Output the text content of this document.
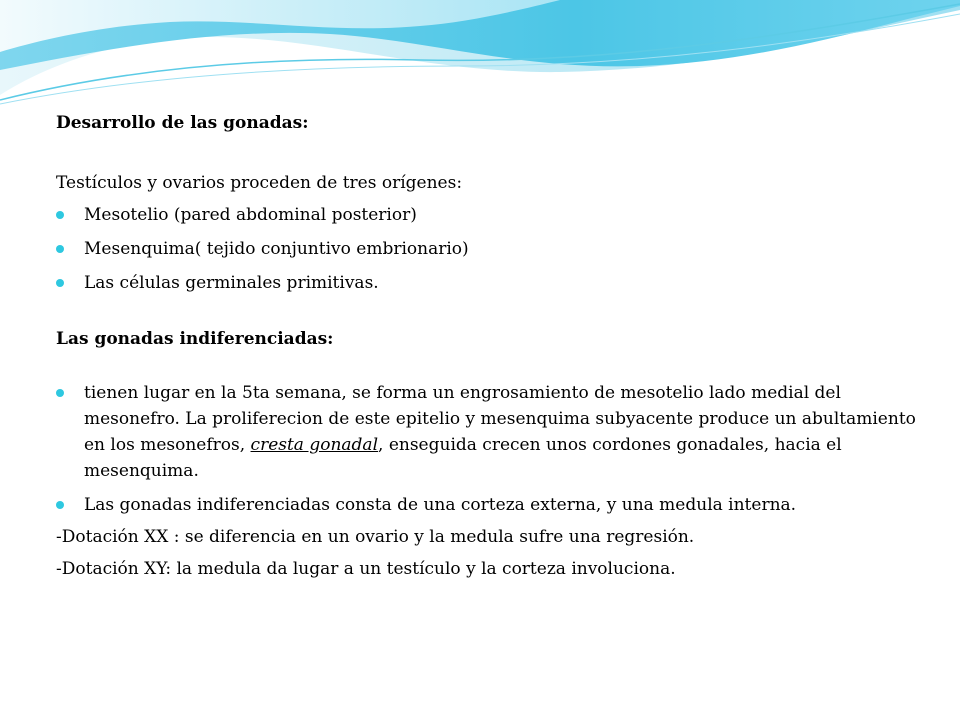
Desarrollo de las gonadas:

Testículos y ovarios proceden de tres orígenes:

Mesotelio (pared abdominal posterior)
Mesenquima( tejido conjuntivo embrionario)
Las células germinales primitivas.

Las gonadas indiferenciadas:

tienen lugar en la 5ta semana, se forma un engrosamiento de mesotelio lado medial del mesonefro. La proliferecion de este epitelio y mesenquima subyacente produce un abultamiento en los mesonefros, cresta gonadal, enseguida crecen unos cordones gonadales, hacia el mesenquima.
Las gonadas indiferenciadas consta de una corteza externa, y una medula interna.

-Dotación XX : se diferencia en un ovario y la medula sufre una regresión.

-Dotación XY: la medula da lugar a un testículo y la corteza involuciona.
